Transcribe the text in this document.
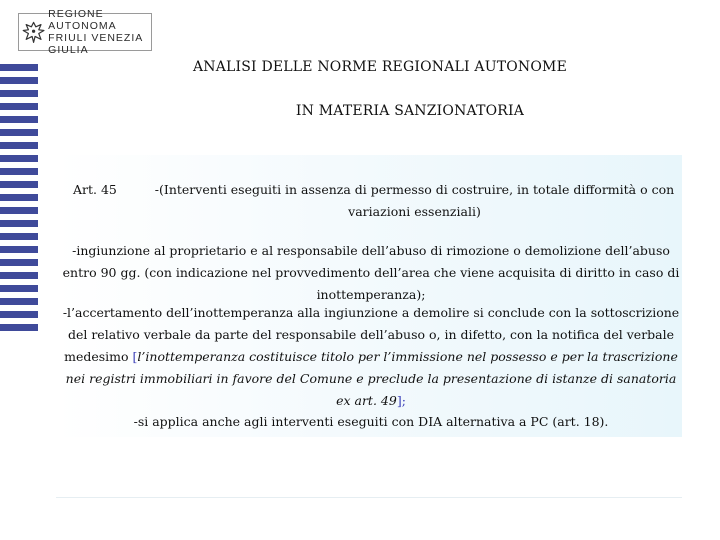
REGIONE AUTONOMA
FRIULI VENEZIA GIULIA
ANALISI DELLE NORME REGIONALI AUTONOME
IN MATERIA SANZIONATORIA
Art. 45	-(Interventi eseguiti in assenza di permesso di costruire, in totale difformità o con variazioni essenziali)
-ingiunzione al proprietario e al responsabile dell’abuso di rimozione o demolizione dell’abuso entro 90 gg. (con indicazione nel provvedimento dell’area che viene acquisita di diritto in caso di inottemperanza);
-l’accertamento dell’inottemperanza alla ingiunzione a demolire si conclude con la sottoscrizione del relativo verbale da parte del responsabile dell’abuso o, in difetto, con la notifica del verbale medesimo [l’inottemperanza costituisce titolo per l’immissione nel possesso e per la trascrizione nei registri immobiliari in favore del Comune e preclude la presentazione di istanze di sanatoria ex art. 49];
-si applica anche agli interventi eseguiti con DIA alternativa a PC (art. 18).
